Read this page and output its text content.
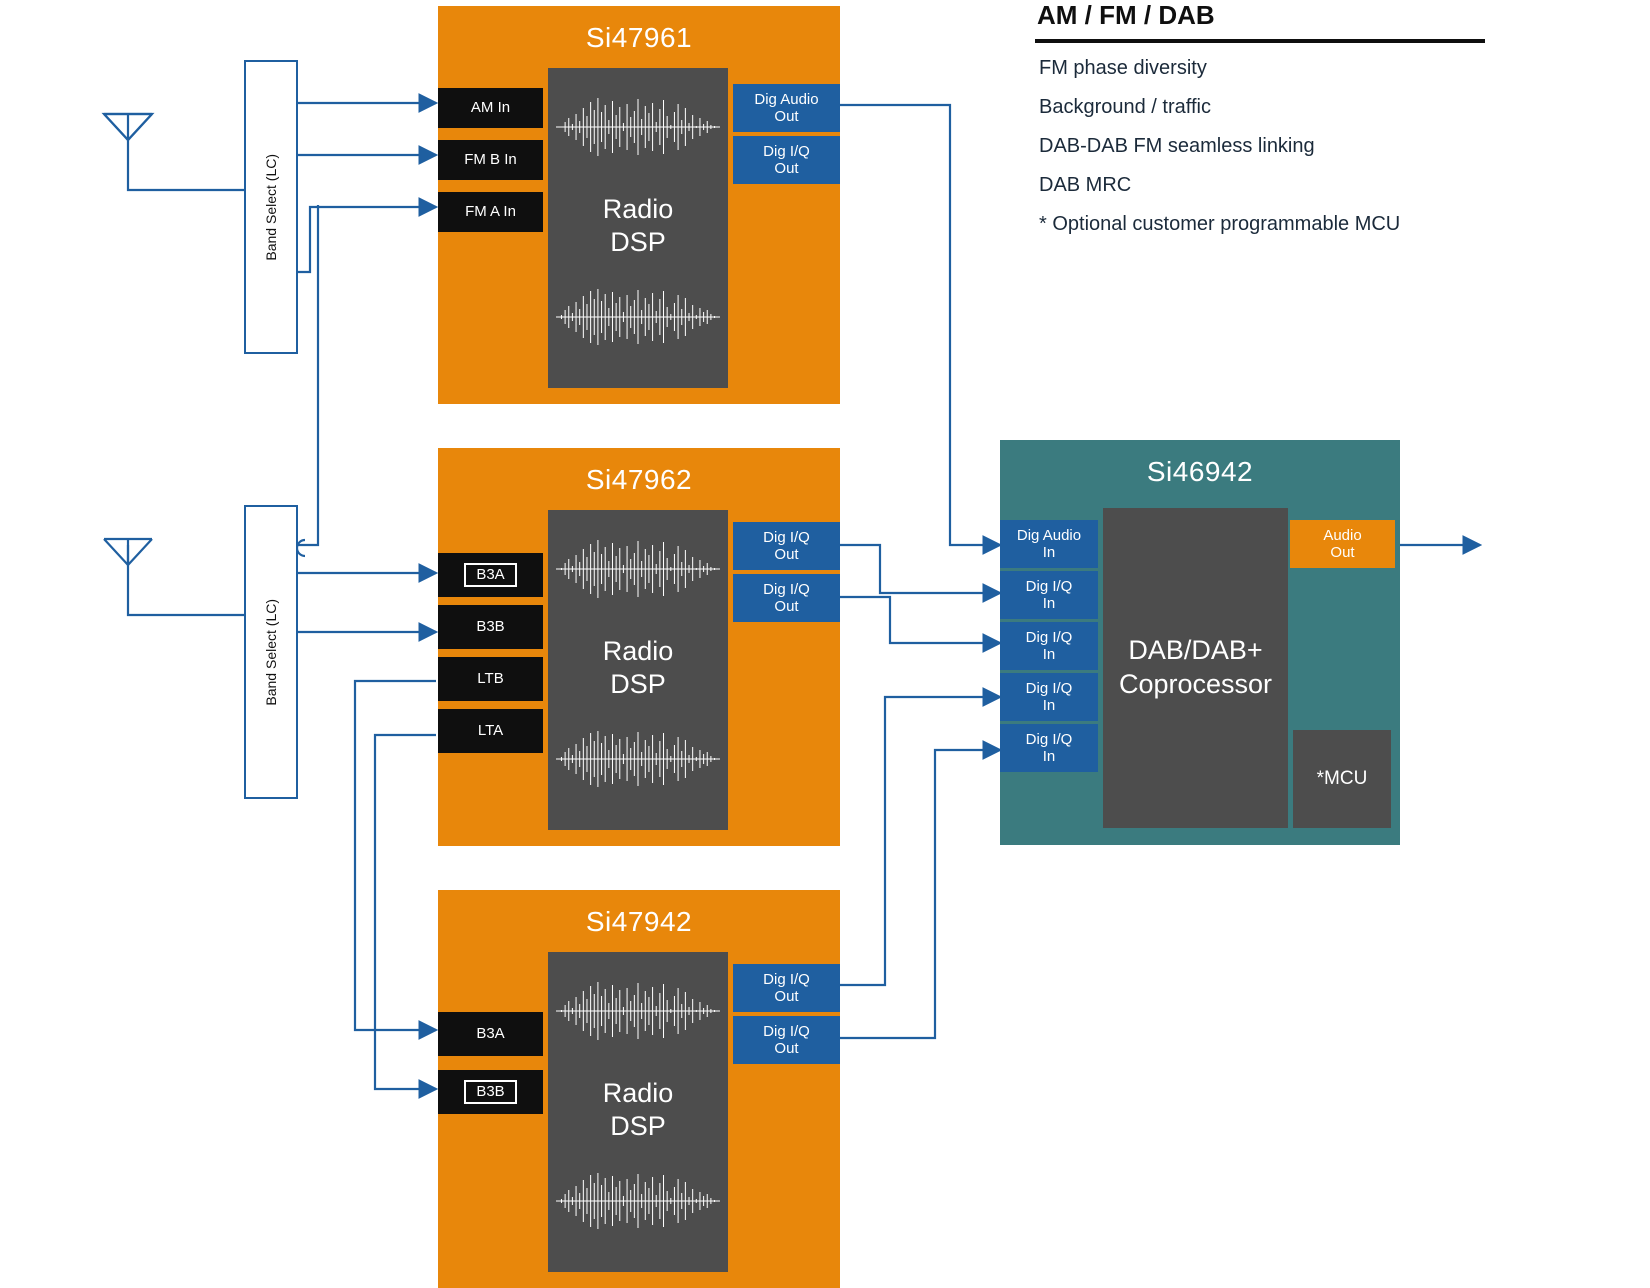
Band Select (LC)
Band Select (LC)
Si47961
AM In
FM B In
FM A In	Radio
DSP
Dig Audio
Out
Dig I/Q
Out
Si47962
B3A
B3B
LTB
LTA
Radio
DSP
Dig I/Q
Out
Dig I/Q
Out
Si47942
B3A
B3B	Radio
DSP
Dig I/Q
Out
Dig I/Q
Out
Si46942
Dig Audio
In
Dig I/Q
In
Dig I/Q
In
Dig I/Q
In
Dig I/Q
In
DAB/DAB+
Coprocessor
Audio
Out
*MCU
AM / FM / DAB
FM phase diversity
Background / traffic
DAB-DAB FM seamless linking
DAB MRC
* Optional customer programmable MCU
